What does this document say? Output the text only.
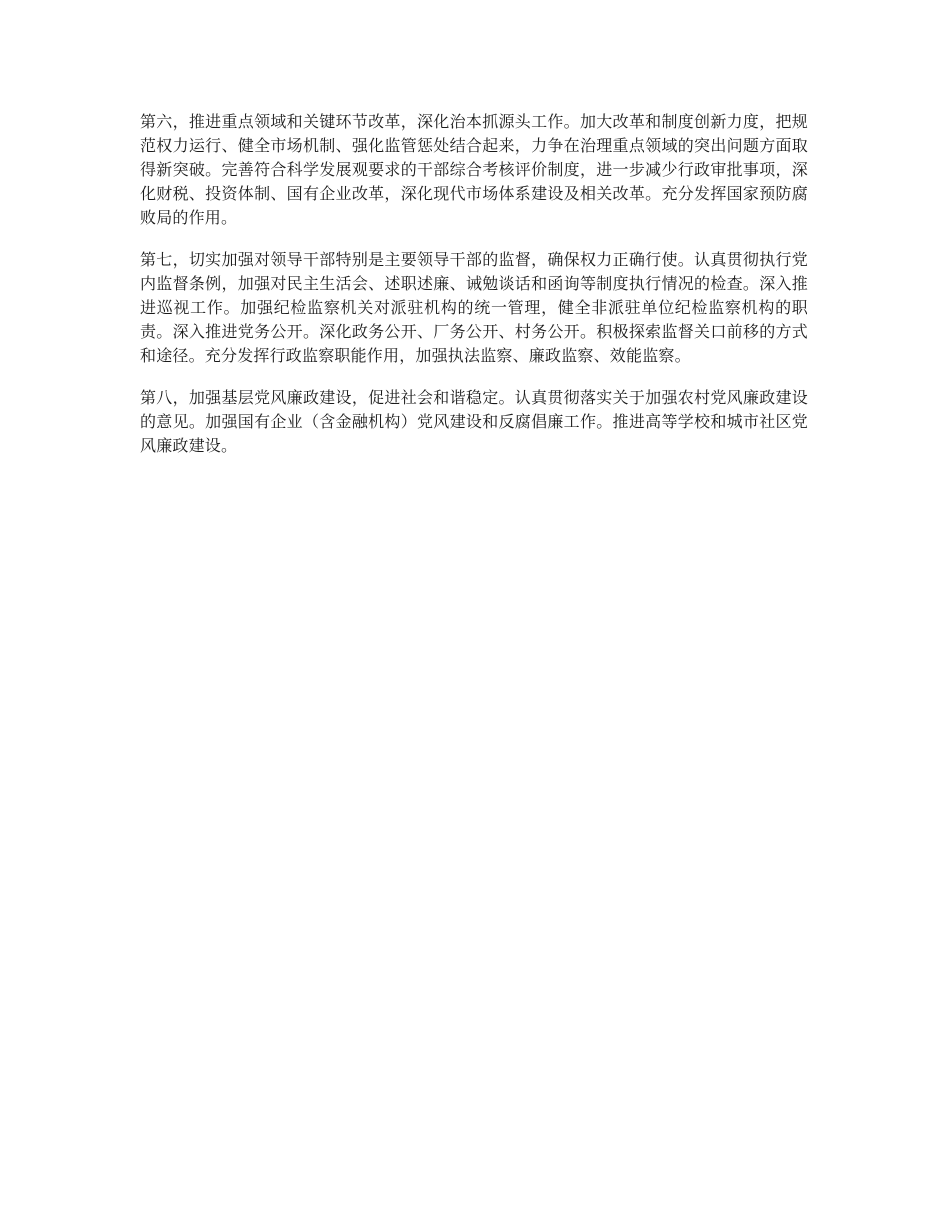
第六，推进重点领域和关键环节改革，深化治本抓源头工作。加大改革和制度创新力度，把规范权力运行、健全市场机制、强化监管惩处结合起来，力争在治理重点领域的突出问题方面取得新突破。完善符合科学发展观要求的干部综合考核评价制度，进一步减少行政审批事项，深化财税、投资体制、国有企业改革，深化现代市场体系建设及相关改革。充分发挥国家预防腐败局的作用。

第七，切实加强对领导干部特别是主要领导干部的监督，确保权力正确行使。认真贯彻执行党内监督条例，加强对民主生活会、述职述廉、诫勉谈话和函询等制度执行情况的检查。深入推进巡视工作。加强纪检监察机关对派驻机构的统一管理，健全非派驻单位纪检监察机构的职责。深入推进党务公开。深化政务公开、厂务公开、村务公开。积极探索监督关口前移的方式和途径。充分发挥行政监察职能作用，加强执法监察、廉政监察、效能监察。

第八，加强基层党风廉政建设，促进社会和谐稳定。认真贯彻落实关于加强农村党风廉政建设的意见。加强国有企业（含金融机构）党风建设和反腐倡廉工作。推进高等学校和城市社区党风廉政建设。
